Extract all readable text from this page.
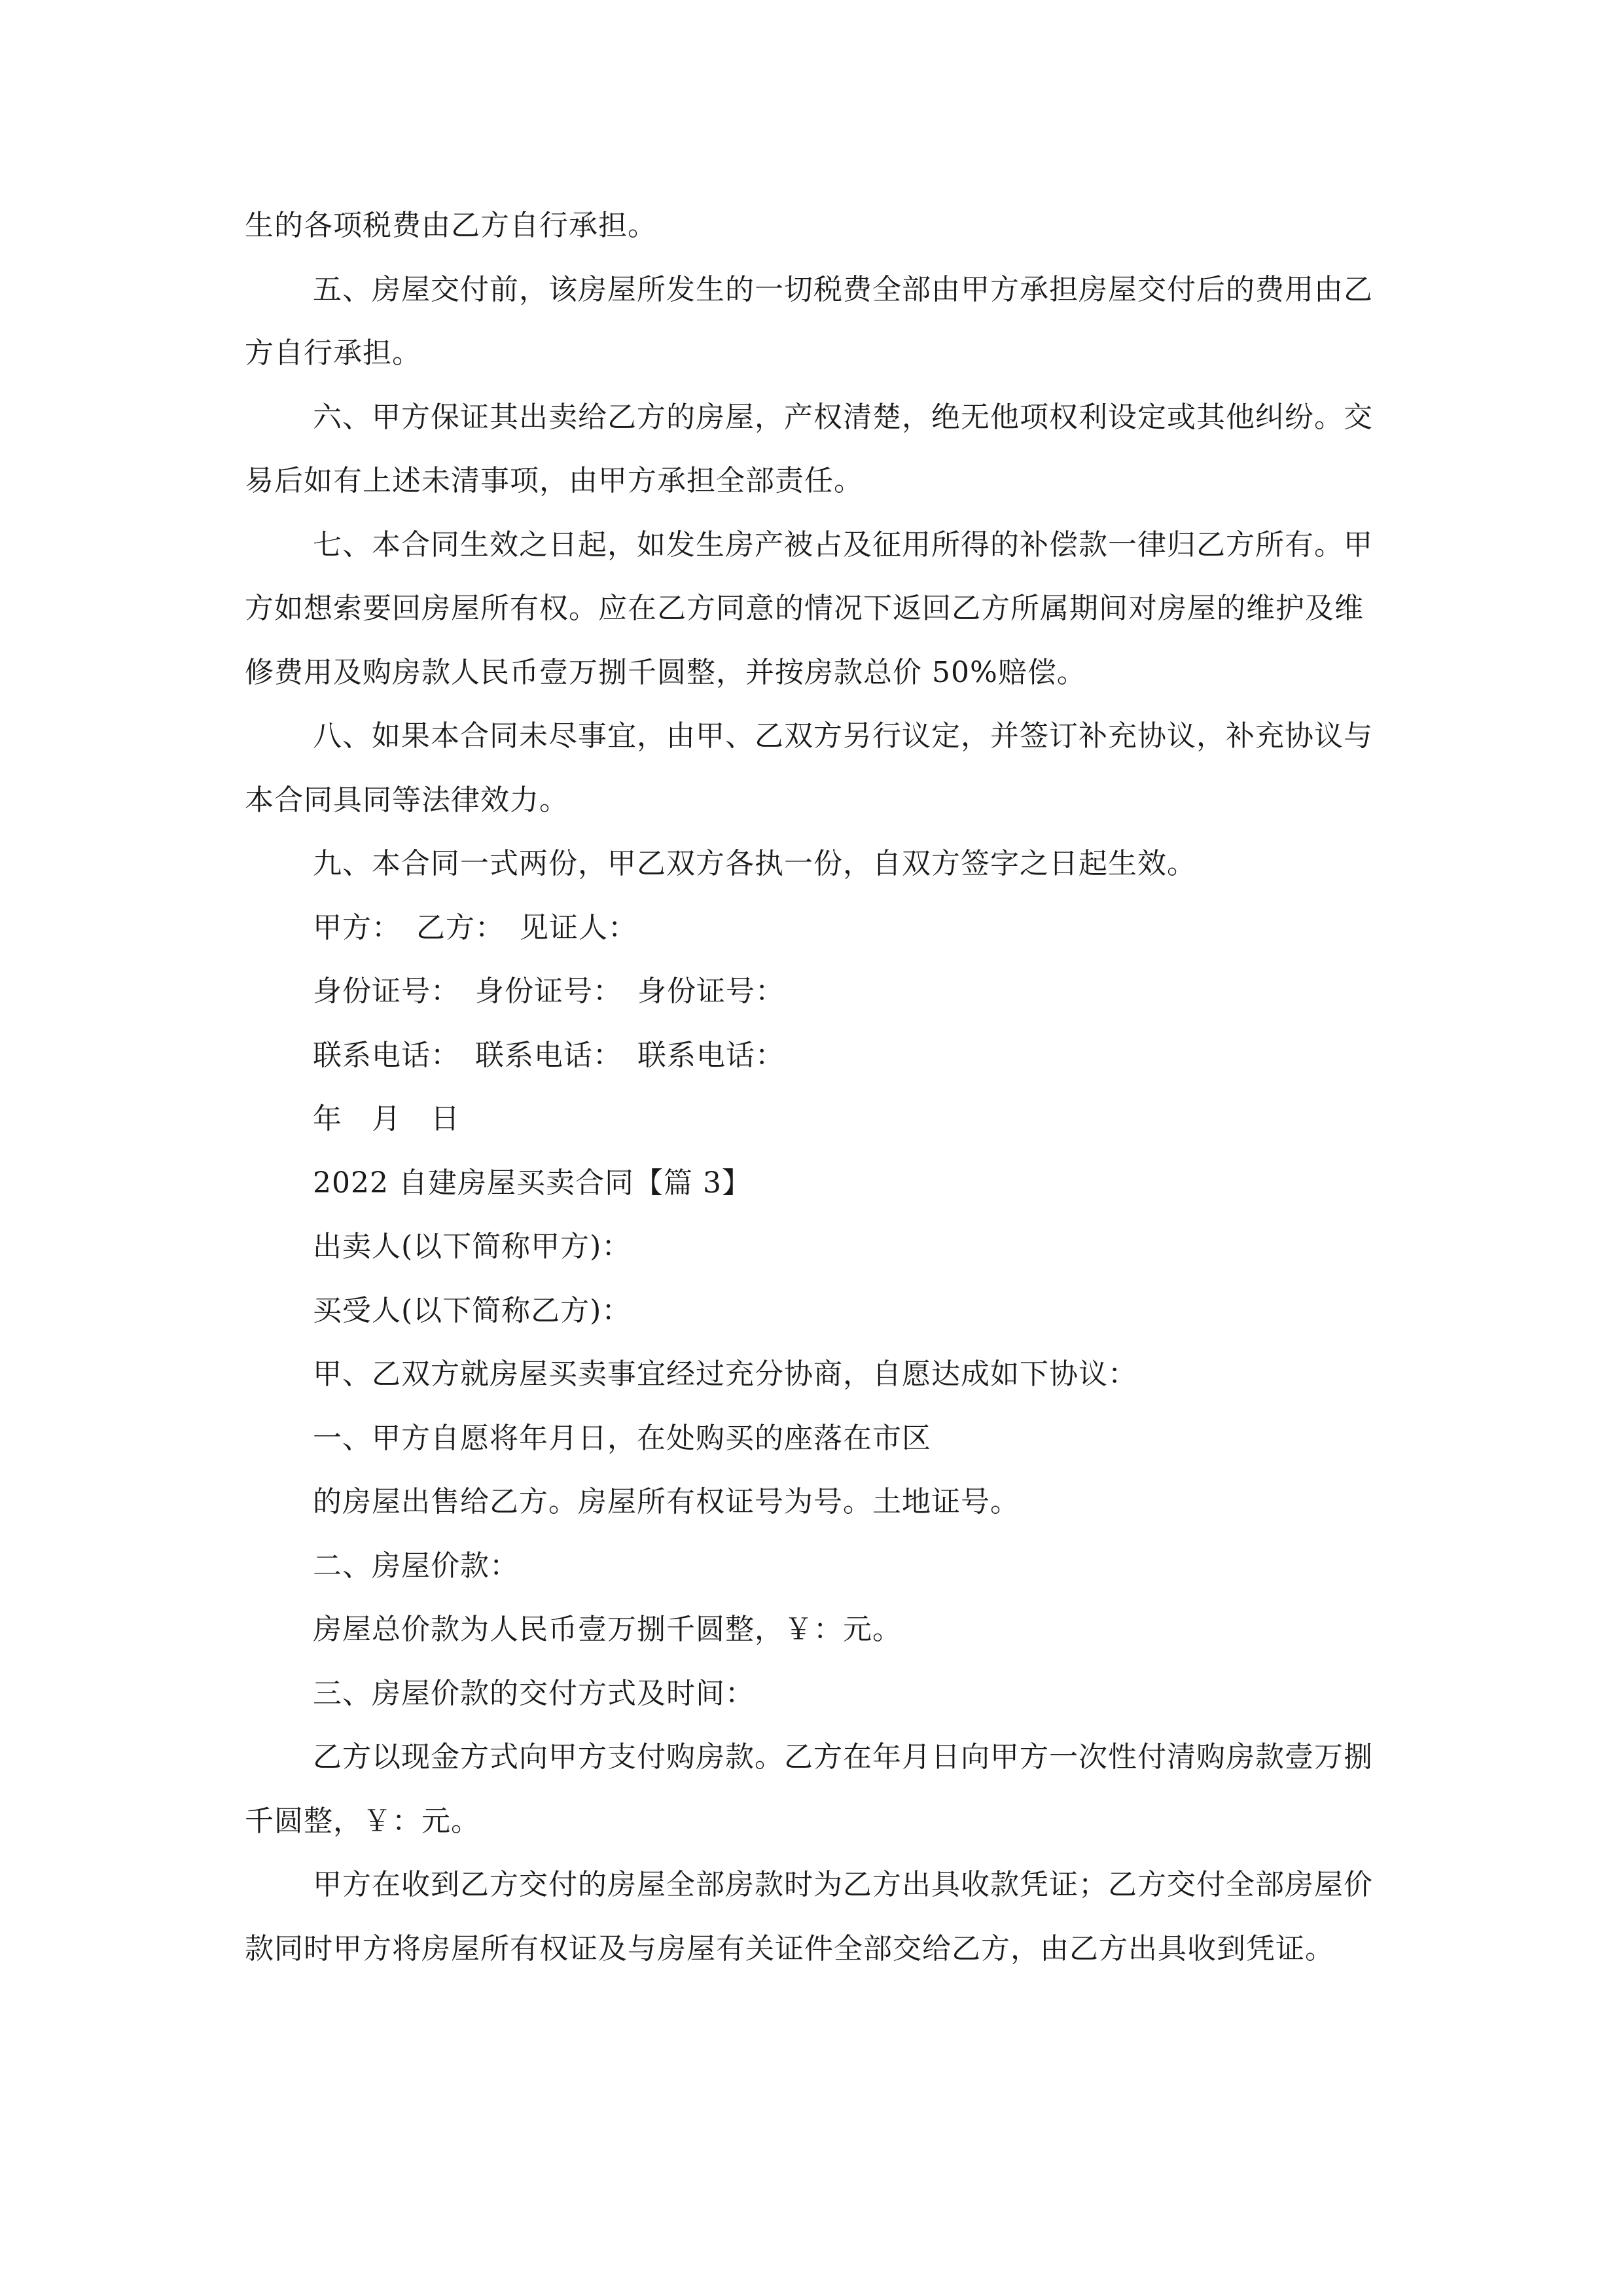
生的各项税费由乙方自行承担。

五、房屋交付前，该房屋所发生的一切税费全部由甲方承担房屋交付后的费用由乙方自行承担。

六、甲方保证其出卖给乙方的房屋，产权清楚，绝无他项权利设定或其他纠纷。交易后如有上述未清事项，由甲方承担全部责任。

七、本合同生效之日起，如发生房产被占及征用所得的补偿款一律归乙方所有。甲方如想索要回房屋所有权。应在乙方同意的情况下返回乙方所属期间对房屋的维护及维修费用及购房款人民币壹万捌千圆整，并按房款总价 50%赔偿。

八、如果本合同未尽事宜，由甲、乙双方另行议定，并签订补充协议，补充协议与本合同具同等法律效力。

九、本合同一式两份，甲乙双方各执一份，自双方签字之日起生效。

甲方：　乙方：　见证人：

身份证号：　身份证号：　身份证号：

联系电话：　联系电话：　联系电话：

年　月　日

2022 自建房屋买卖合同【篇 3】

出卖人(以下简称甲方)：

买受人(以下简称乙方)：

甲、乙双方就房屋买卖事宜经过充分协商，自愿达成如下协议：

一、甲方自愿将年月日，在处购买的座落在市区

的房屋出售给乙方。房屋所有权证号为号。土地证号。

二、房屋价款：

房屋总价款为人民币壹万捌千圆整，￥：元。

三、房屋价款的交付方式及时间：

乙方以现金方式向甲方支付购房款。乙方在年月日向甲方一次性付清购房款壹万捌千圆整，￥：元。

甲方在收到乙方交付的房屋全部房款时为乙方出具收款凭证；乙方交付全部房屋价款同时甲方将房屋所有权证及与房屋有关证件全部交给乙方，由乙方出具收到凭证。
